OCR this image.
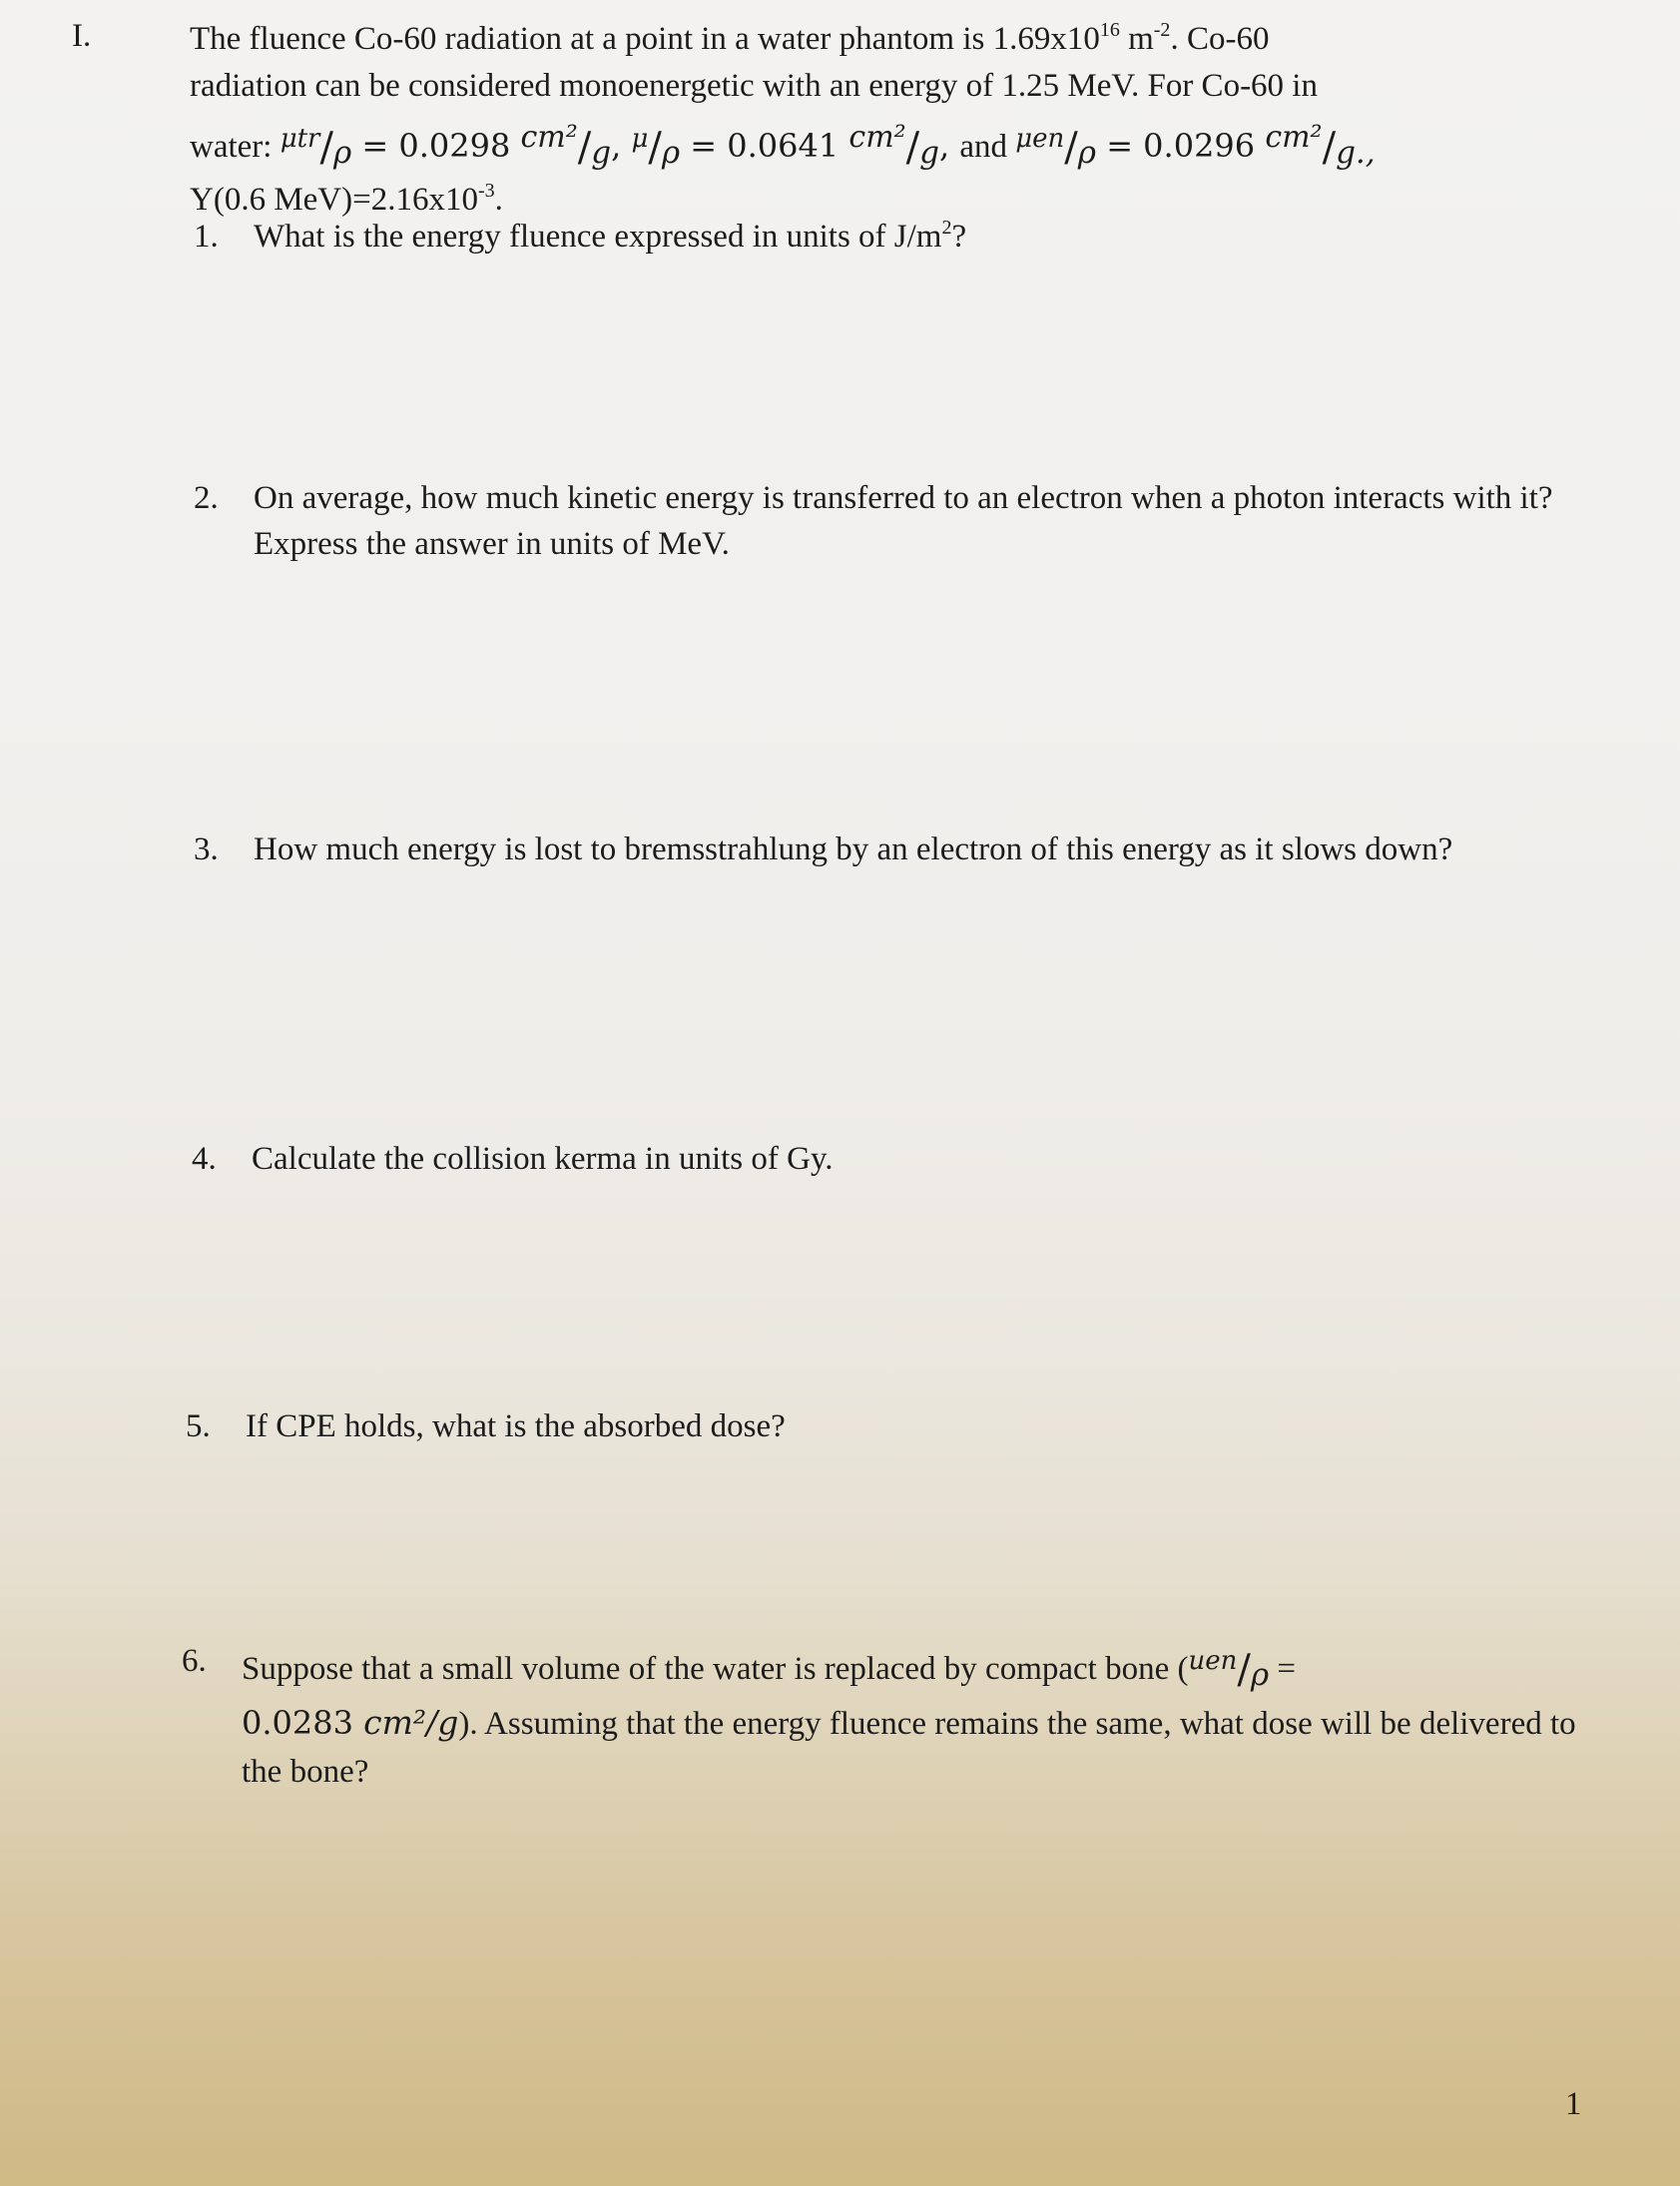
I.	The fluence Co-60 radiation at a point in a water phantom is $1.69x10^{16}$ $m^{-2}$. Co-60
radiation can be considered monoenergetic with an energy of 1.25 MeV. For Co-60 in
water: $^{\mu tr}$/ρ = 0.0298 cm²/g, $^\mu$/ρ = 0.0641 cm²/g, and $^{\mu en}$/ρ = 0.0296 cm²/g.,
Y(0.6 $MeV)=2.16x10^{-3}$.
1. What is the energy fluence expressed in units of $J/m^2$?
2. On average, how much kinetic energy is transferred to an electron when a photon interacts with it? Express the answer in units of MeV.
3. How much energy is lost to bremsstrahlung by an electron of this energy as it slows down?
4. Calculate the collision kerma in units of Gy.
5. If CPE holds, what is the absorbed dose?
6. Suppose that a small volume of the water is replaced by compact bone ($^{uen}$/ρ =
0.0283 cm²/g). Assuming that the energy fluence remains the same, what dose will be delivered to the bone?
1
